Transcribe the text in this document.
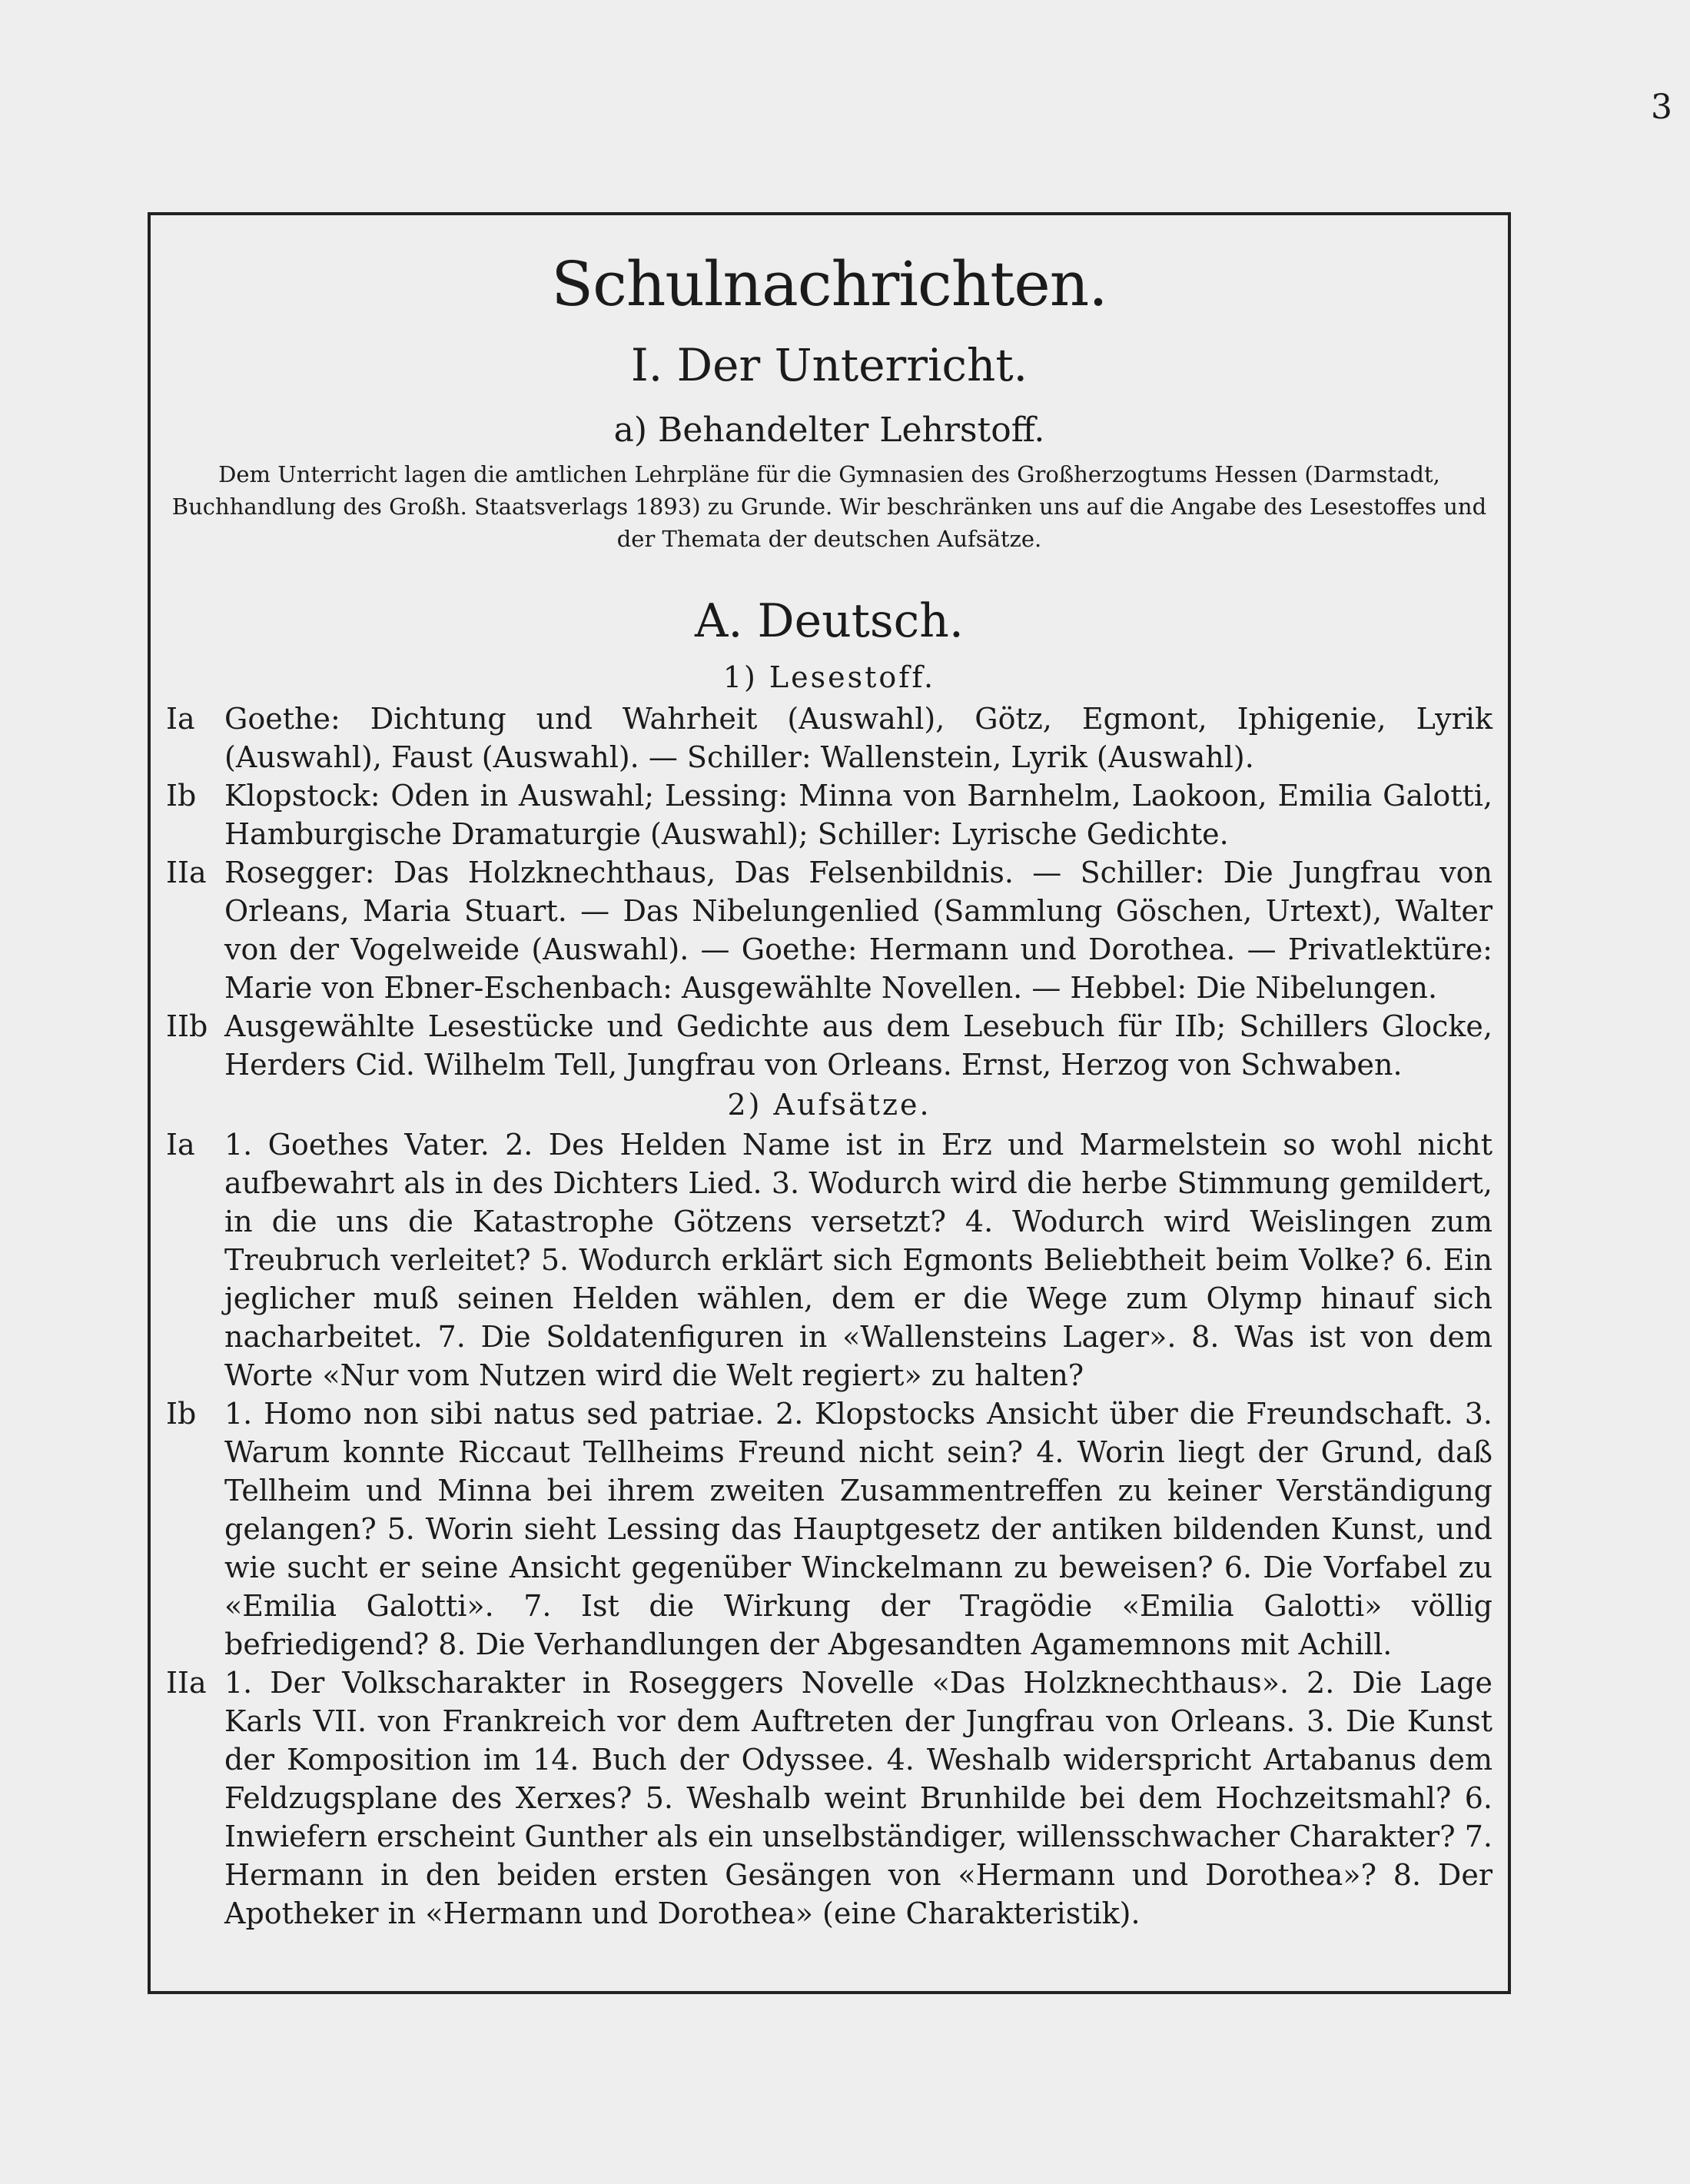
3
Schulnachrichten.
I. Der Unterricht.
a) Behandelter Lehrstoff.

Dem Unterricht lagen die amtlichen Lehrpläne für die Gymnasien des Großherzogtums Hessen (Darmstadt, Buchhandlung des Großh. Staatsverlags 1893) zu Grunde. Wir beschränken uns auf die Angabe des Lesestoffes und der Themata der deutschen Aufsätze.

A. Deutsch.
1) Lesestoff.
Ia	Goethe: Dichtung und Wahrheit (Auswahl), Götz, Egmont, Iphigenie, Lyrik (Auswahl), Faust (Auswahl). — Schiller: Wallenstein, Lyrik (Auswahl).
Ib Klopstock: Oden in Auswahl; Lessing: Minna von Barnhelm, Laokoon, Emilia Galotti, Hamburgische Dramaturgie (Auswahl); Schiller: Lyrische Gedichte.
IIa Rosegger: Das Holzknechthaus, Das Felsenbildnis. — Schiller: Die Jungfrau von Orleans, Maria Stuart. — Das Nibelungenlied (Sammlung Göschen, Urtext), Walter von der Vogelweide (Auswahl). — Goethe: Hermann und Dorothea. — Privatlektüre: Marie von Ebner-Eschenbach: Ausgewählte Novellen. — Hebbel: Die Nibelungen.
IIb Ausgewählte Lesestücke und Gedichte aus dem Lesebuch für IIb; Schillers Glocke, Herders Cid. Wilhelm Tell, Jungfrau von Orleans. Ernst, Herzog von Schwaben.
2) Aufsätze.
Ia	1. Goethes Vater. 2. Des Helden Name ist in Erz und Marmelstein so wohl nicht aufbewahrt als in des Dichters Lied. 3. Wodurch wird die herbe Stimmung gemildert, in die uns die Katastrophe Götzens versetzt? 4. Wodurch wird Weislingen zum Treubruch verleitet? 5. Wodurch erklärt sich Egmonts Beliebtheit beim Volke? 6. Ein jeglicher muß seinen Helden wählen, dem er die Wege zum Olymp hinauf sich nacharbeitet. 7. Die Soldatenfiguren in «Wallensteins Lager». 8. Was ist von dem Worte «Nur vom Nutzen wird die Welt regiert» zu halten?
Ib 1. Homo non sibi natus sed patriae. 2. Klopstocks Ansicht über die Freundschaft. 3. Warum konnte Riccaut Tellheims Freund nicht sein? 4. Worin liegt der Grund, daß Tellheim und Minna bei ihrem zweiten Zusammentreffen zu keiner Verständigung gelangen? 5. Worin sieht Lessing das Hauptgesetz der antiken bildenden Kunst, und wie sucht er seine Ansicht gegenüber Winckelmann zu beweisen? 6. Die Vorfabel zu «Emilia Galotti». 7. Ist die Wirkung der Tragödie «Emilia Galotti» völlig befriedigend? 8. Die Verhandlungen der Abgesandten Agamemnons mit Achill.
IIa 1. Der Volkscharakter in Roseggers Novelle «Das Holzknechthaus». 2. Die Lage Karls VII. von Frankreich vor dem Auftreten der Jungfrau von Orleans. 3. Die Kunst der Komposition im 14. Buch der Odyssee. 4. Weshalb widerspricht Artabanus dem Feldzugsplane des Xerxes? 5. Weshalb weint Brunhilde bei dem Hochzeitsmahl? 6. Inwiefern erscheint Gunther als ein unselbständiger, willensschwacher Charakter? 7. Hermann in den beiden ersten Gesängen von «Hermann und Dorothea»? 8. Der Apotheker in «Hermann und Dorothea» (eine Charakteristik).
